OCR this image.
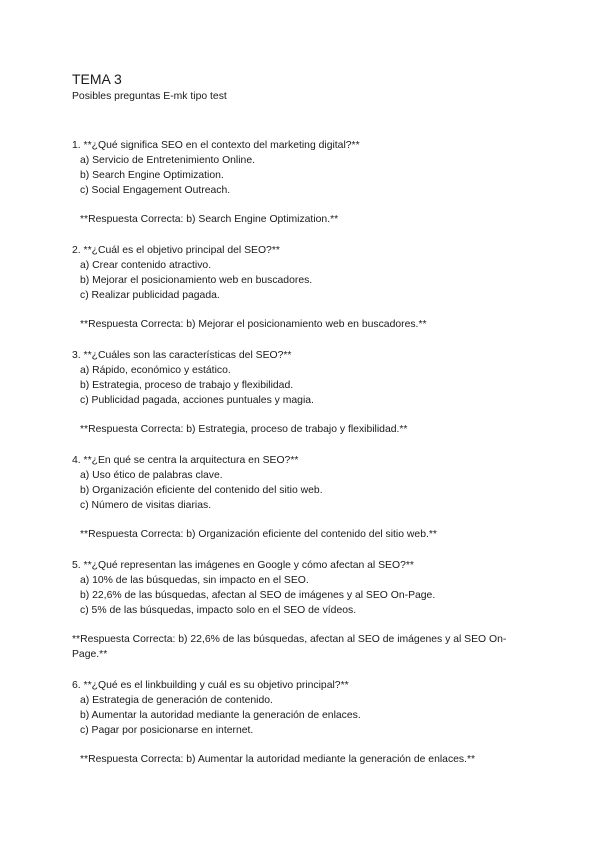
TEMA 3
Posibles preguntas E-mk tipo test
1. **¿Qué significa SEO en el contexto del marketing digital?**
a) Servicio de Entretenimiento Online.
b) Search Engine Optimization.
c) Social Engagement Outreach.
**Respuesta Correcta: b) Search Engine Optimization.**
2. **¿Cuál es el objetivo principal del SEO?**
a) Crear contenido atractivo.
b) Mejorar el posicionamiento web en buscadores.
c) Realizar publicidad pagada.
**Respuesta Correcta: b) Mejorar el posicionamiento web en buscadores.**
3. **¿Cuáles son las características del SEO?**
a) Rápido, económico y estático.
b) Estrategia, proceso de trabajo y flexibilidad.
c) Publicidad pagada, acciones puntuales y magia.
**Respuesta Correcta: b) Estrategia, proceso de trabajo y flexibilidad.**
4. **¿En qué se centra la arquitectura en SEO?**
a) Uso ético de palabras clave.
b) Organización eficiente del contenido del sitio web.
c) Número de visitas diarias.
**Respuesta Correcta: b) Organización eficiente del contenido del sitio web.**
5. **¿Qué representan las imágenes en Google y cómo afectan al SEO?**
a) 10% de las búsquedas, sin impacto en el SEO.
b) 22,6% de las búsquedas, afectan al SEO de imágenes y al SEO On-Page.
c) 5% de las búsquedas, impacto solo en el SEO de vídeos.
**Respuesta Correcta: b) 22,6% de las búsquedas, afectan al SEO de imágenes y al SEO On-Page.**
6. **¿Qué es el linkbuilding y cuál es su objetivo principal?**
a) Estrategia de generación de contenido.
b) Aumentar la autoridad mediante la generación de enlaces.
c) Pagar por posicionarse en internet.
**Respuesta Correcta: b) Aumentar la autoridad mediante la generación de enlaces.**
